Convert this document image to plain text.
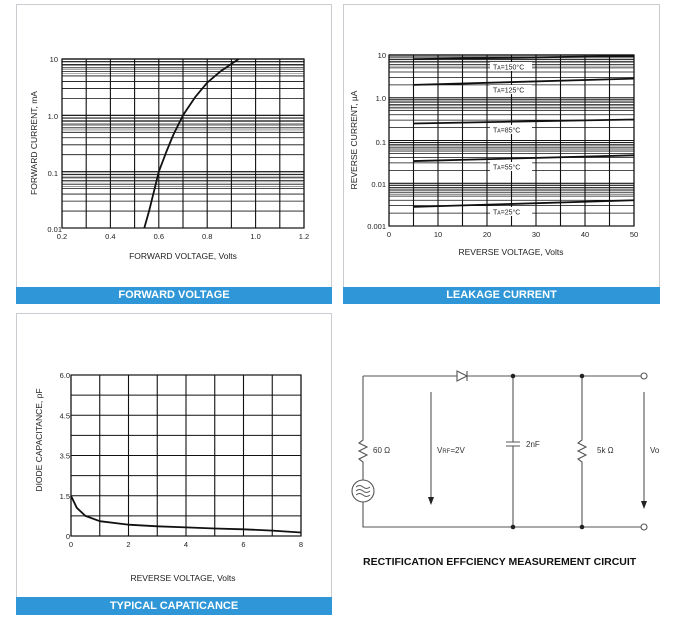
FORWARD VOLTAGE	LEAKAGE CURRENT
TYPICAL CAPATICANCE
RECTIFICATION EFFCIENCY MEASUREMENT CIRCUIT
10
1.0
0.1
0.01
0.2	0.4	0.6	0.8	1.0	1.2
FORWARD VOLTAGE, Volts
FORWARD CURRENT, mA
TA=150°C
TA=125°C
TA=85°C
TA=55°C
TA=25°C
0.001
0.01
0.1
1.0
10
0	10	20	30	40	50
REVERSE VOLTAGE, Volts
REVERSE CURRENT, µA
0
1.5
3.5
4.5
6.0
0	2	4	6	8
REVERSE VOLTAGE, Volts
DIODE CAPACITANCE, pF	60 Ω	VRF=2V
2nF
5k Ω	Vo
